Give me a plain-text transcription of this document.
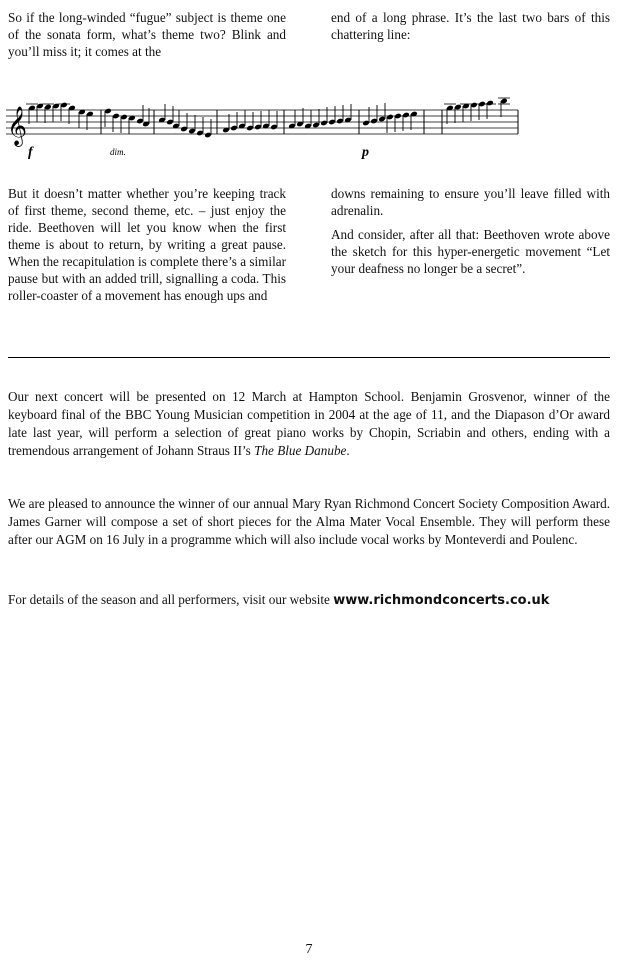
So if the long-winded “fugue” subject is theme one of the sonata form, what’s theme two? Blink and you’ll miss it; it comes at the

end of a long phrase. It’s the last two bars of this chattering line:

𝄞
f	dim.	p

But it doesn’t matter whether you’re keeping track of first theme, second theme, etc. – just enjoy the ride. Beethoven will let you know when the first theme is about to return, by writing a great pause. When the recapitulation is complete there’s a similar pause but with an added trill, signalling a coda. This roller-coaster of a movement has enough ups and

downs remaining to ensure you’ll leave filled with adrenalin.

And consider, after all that: Beethoven wrote above the sketch for this hyper-energetic movement “Let your deafness no longer be a secret”.

Our next concert will be presented on 12 March at Hampton School. Benjamin Grosvenor, winner of the keyboard final of the BBC Young Musician competition in 2004 at the age of 11, and the Diapason d’Or award late last year, will perform a selection of great piano works by Chopin, Scriabin and others, ending with a tremendous arrangement of Johann Straus II’s The Blue Danube.

We are pleased to announce the winner of our annual Mary Ryan Richmond Concert Society Composition Award. James Garner will compose a set of short pieces for the Alma Mater Vocal Ensemble. They will perform these after our AGM on 16 July in a programme which will also include vocal works by Monteverdi and Poulenc.

For details of the season and all performers, visit our website www.richmondconcerts.co.uk

7
